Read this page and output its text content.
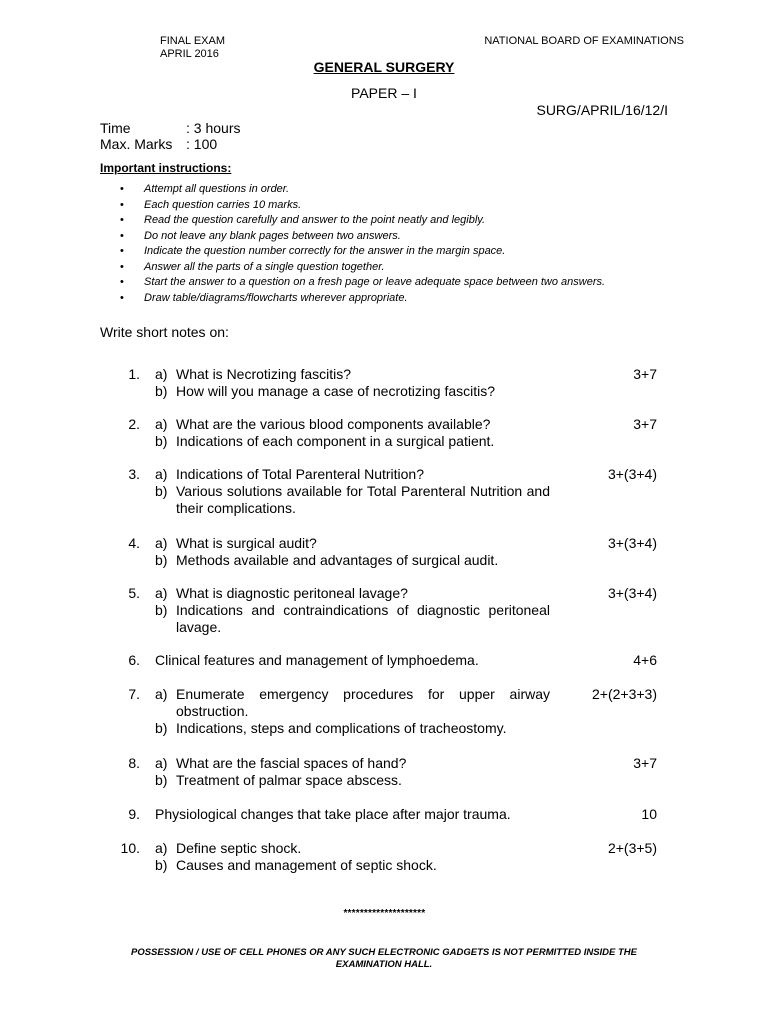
FINAL EXAM
APRIL 2016
NATIONAL BOARD OF EXAMINATIONS
GENERAL SURGERY
PAPER – I
SURG/APRIL/16/12/I
Time	: 3 hours
Max. Marks : 100
Important instructions:
• Attempt all questions in order.
• Each question carries 10 marks.
• Read the question carefully and answer to the point neatly and legibly.
• Do not leave any blank pages between two answers.
• Indicate the question number correctly for the answer in the margin space.
• Answer all the parts of a single question together.
• Start the answer to a question on a fresh page or leave adequate space between two answers.
• Draw table/diagrams/flowcharts wherever appropriate.
Write short notes on:
1. a) What is Necrotizing fascitis?
b) How will you manage a case of necrotizing fascitis?
3+7
2. a) What are the various blood components available?
b) Indications of each component in a surgical patient.
3+7
3. a) Indications of Total Parenteral Nutrition?
b) Various solutions available for Total Parenteral Nutrition and their complications.
3+(3+4)
4. a) What is surgical audit?
b) Methods available and advantages of surgical audit.
3+(3+4)
5. a) What is diagnostic peritoneal lavage?
b) Indications and contraindications of diagnostic peritoneal lavage.
3+(3+4)
6. Clinical features and management of lymphoedema.	4+6
7. a) Enumerate emergency procedures for upper airway obstruction.
b) Indications, steps and complications of tracheostomy.
2+(2+3+3)
8. a) What are the fascial spaces of hand?
b) Treatment of palmar space abscess.
3+7
9. Physiological changes that take place after major trauma.	10
10. a) Define septic shock.
b) Causes and management of septic shock.
2+(3+5)
********************
POSSESSION / USE OF CELL PHONES OR ANY SUCH ELECTRONIC GADGETS IS NOT PERMITTED INSIDE THE
EXAMINATION HALL.
